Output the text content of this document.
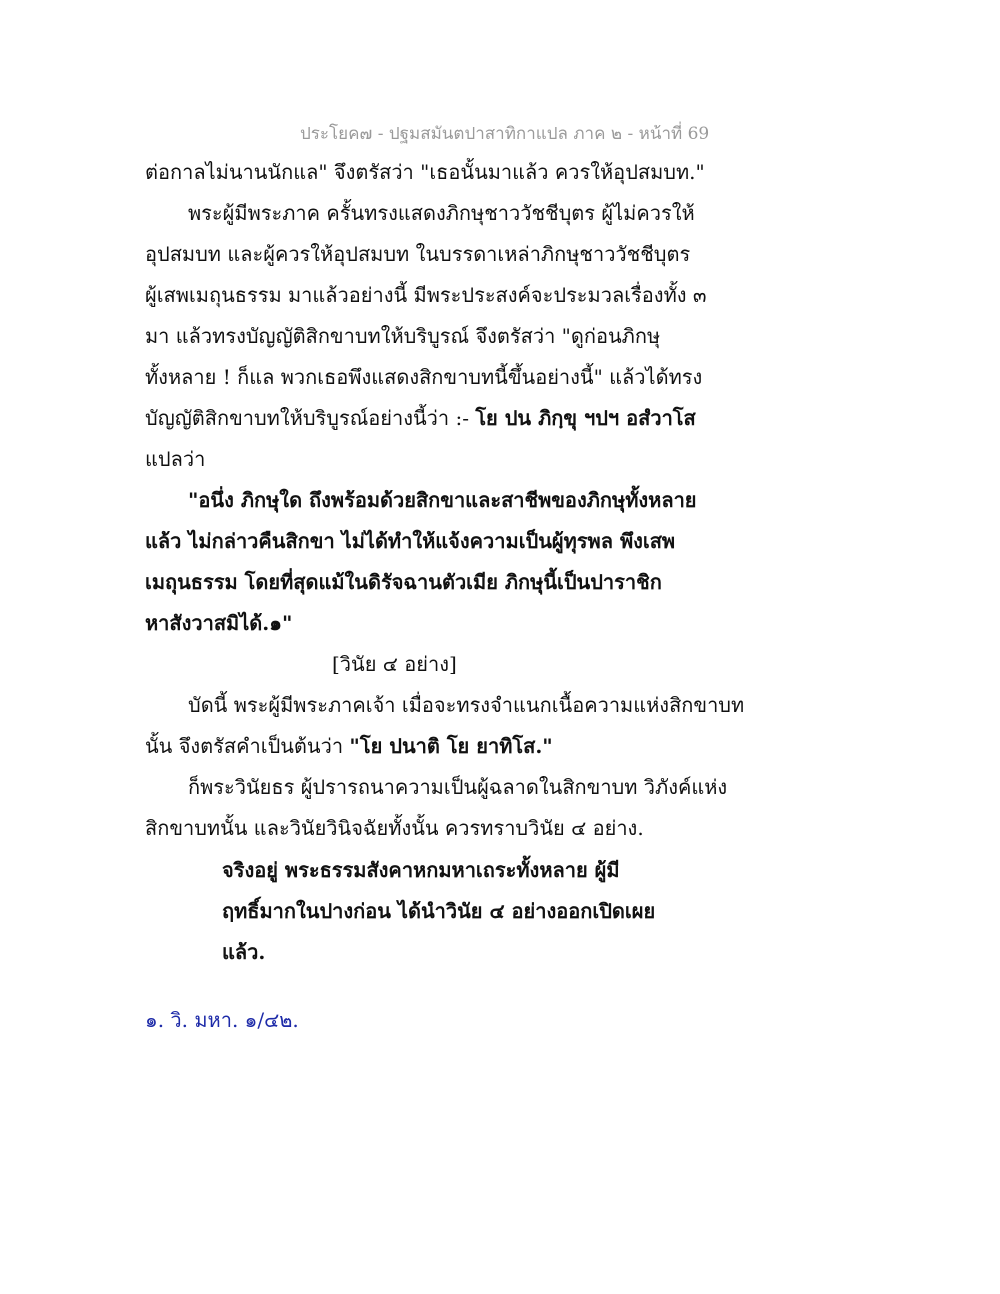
ประโยค๗ - ปฐมสมันตปาสาทิกาแปล ภาค ๒ - หน้าที่ 69
ต่อกาลไม่นานนักแล" จึงตรัสว่า "เธอนั้นมาแล้ว ควรให้อุปสมบท."
พระผู้มีพระภาค ครั้นทรงแสดงภิกษุชาววัชชีบุตร ผู้ไม่ควรให้
อุปสมบท และผู้ควรให้อุปสมบท ในบรรดาเหล่าภิกษุชาววัชชีบุตร
ผู้เสพเมถุนธรรม มาแล้วอย่างนี้ มีพระประสงค์จะประมวลเรื่องทั้ง ๓
มา แล้วทรงบัญญัติสิกขาบทให้บริบูรณ์ จึงตรัสว่า "ดูก่อนภิกษุ
ทั้งหลาย ! ก็แล พวกเธอพึงแสดงสิกขาบทนี้ขึ้นอย่างนี้" แล้วได้ทรง
บัญญัติสิกขาบทให้บริบูรณ์อย่างนี้ว่า :- โย ปน ภิกฺขุ ฯปฯ อสํวาโส
แปลว่า
"อนึ่ง ภิกษุใด ถึงพร้อมด้วยสิกขาและสาชีพของภิกษุทั้งหลาย
แล้ว ไม่กล่าวคืนสิกขา ไม่ได้ทำให้แจ้งความเป็นผู้ทุรพล พึงเสพ
เมถุนธรรม โดยที่สุดแม้ในดิรัจฉานตัวเมีย ภิกษุนี้เป็นปาราชิก
หาสังวาสมิได้.๑"
[วินัย ๔ อย่าง]
บัดนี้ พระผู้มีพระภาคเจ้า เมื่อจะทรงจำแนกเนื้อความแห่งสิกขาบท
นั้น จึงตรัสคำเป็นต้นว่า "โย ปนาติ โย ยาทิโส."
ก็พระวินัยธร ผู้ปรารถนาความเป็นผู้ฉลาดในสิกขาบท วิภังค์แห่ง
สิกขาบทนั้น และวินัยวินิจฉัยทั้งนั้น ควรทราบวินัย ๔ อย่าง.
จริงอยู่ พระธรรมสังคาหกมหาเถระทั้งหลาย ผู้มี
ฤทธิ์มากในปางก่อน ได้นำวินัย ๔ อย่างออกเปิดเผย
แล้ว.
๑. วิ. มหา. ๑/๔๒.
